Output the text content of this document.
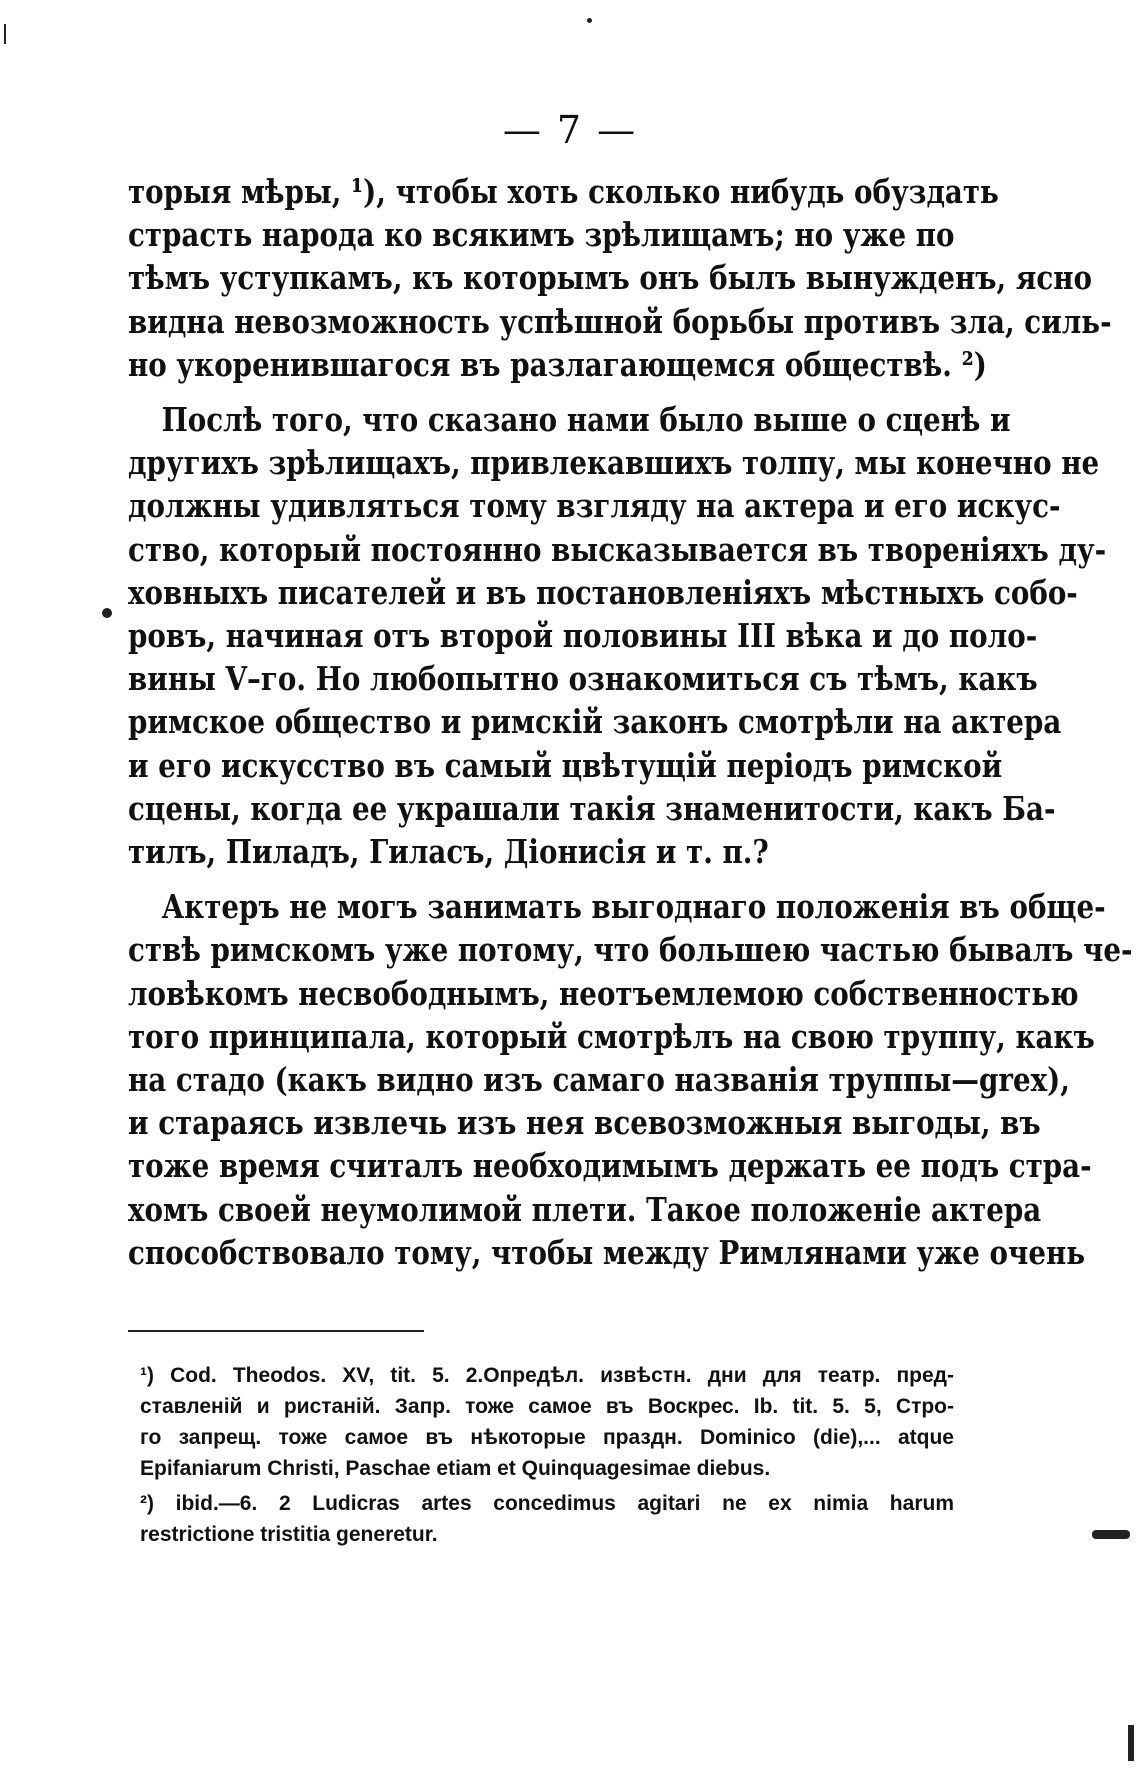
— 7 —

торыя мѣры, ¹), чтобы хоть сколько нибудь обуздать
страсть народа ко всякимъ зрѣлищамъ; но уже по
тѣмъ уступкамъ, къ которымъ онъ былъ вынужденъ, ясно
видна невозможность успѣшной борьбы противъ зла, силь-
но укоренившагося въ разлагающемся обществѣ. ²)

Послѣ того, что сказано нами было выше о сценѣ и
другихъ зрѣлищахъ, привлекавшихъ толпу, мы конечно не
должны удивляться тому взгляду на актера и его искус-
ство, который постоянно высказывается въ твореніяхъ ду-
ховныхъ писателей и въ постановленіяхъ мѣстныхъ собо-
ровъ, начиная отъ второй половины III вѣка и до поло-
вины V–го. Но любопытно ознакомиться съ тѣмъ, какъ
римское общество и римскій законъ смотрѣли на актера
и его искусство въ самый цвѣтущій періодъ римской
сцены, когда ее украшали такія знаменитости, какъ Ба-
тилъ, Пиладъ, Гиласъ, Діонисія и т. п.?

Актеръ не могъ занимать выгоднаго положенія въ обще-
ствѣ римскомъ уже потому, что большею частью бывалъ че-
ловѣкомъ несвободнымъ, неотъемлемою собственностью
того принципала, который смотрѣлъ на свою труппу, какъ
на стадо (какъ видно изъ самаго названія труппы—grex),
и стараясь извлечь изъ нея всевозможныя выгоды, въ
тоже время считалъ необходимымъ держать ее подъ стра-
хомъ своей неумолимой плети. Такое положеніе актера
способствовало тому, чтобы между Римлянами уже очень

¹) Cod. Theodos. XV, tit. 5. 2.Опредѣл. извѣстн. дни для театр. пред-
ставленій и ристаній. Запр. тоже самое въ Воскрес. Ib. tit. 5. 5, Стро-
го запрещ. тоже самое въ нѣкоторые праздн. Dominico (die),... atque
Epifaniarum Christi, Paschae etiam et Quinquagesimae diebus.

²) ibid.—6. 2 Ludicras artes concedimus agitari ne ex nimia harum
restrictione tristitia generetur.
